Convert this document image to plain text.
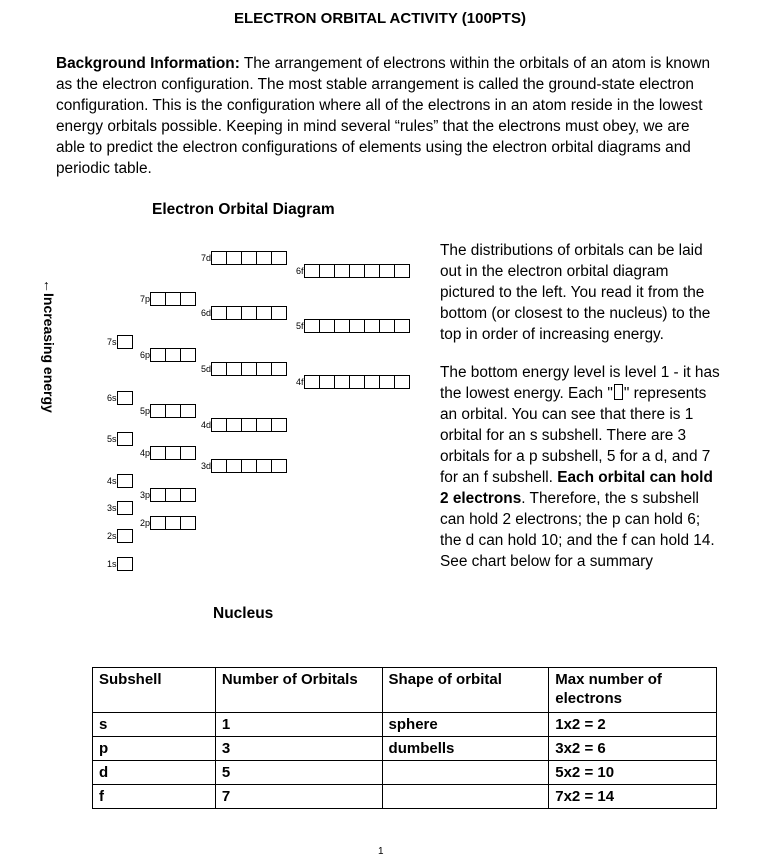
ELECTRON ORBITAL ACTIVITY (100PTS)
Background Information: The arrangement of electrons within the orbitals of an atom is known as the electron configuration. The most stable arrangement is called the ground-state electron configuration. This is the configuration where all of the electrons in an atom reside in the lowest energy orbitals possible. Keeping in mind several “rules” that the electrons must obey, we are able to predict the electron configurations of elements using the electron orbital diagrams and periodic table.
Electron Orbital Diagram
←Increasing energy
1s
2s
2p
3s
3p
4s
3d
4p
5s
4d
5p
6s
4f
5d
6p
7s
5f
6d
7p
6f
7d
Nucleus
The distributions of orbitals can be laid out in the electron orbital diagram pictured to the left. You read it from the bottom (or closest to the nucleus) to the top in order of increasing energy.
The bottom energy level is level 1 - it has the lowest energy. Each " " represents an orbital. You can see that there is 1 orbital for an s subshell. There are 3 orbitals for a p subshell, 5 for a d, and 7 for an f subshell. Each orbital can hold 2 electrons. Therefore, the s subshell can hold 2 electrons; the p can hold 6; the d can hold 10; and the f can hold 14. See chart below for a summary
Subshell	Number of Orbitals	Shape of orbital	Max number of electrons
s	1	sphere	1x2 = 2
p	3	dumbells	3x2 = 6
d	5		5x2 = 10
f	7		7x2 = 14
1
